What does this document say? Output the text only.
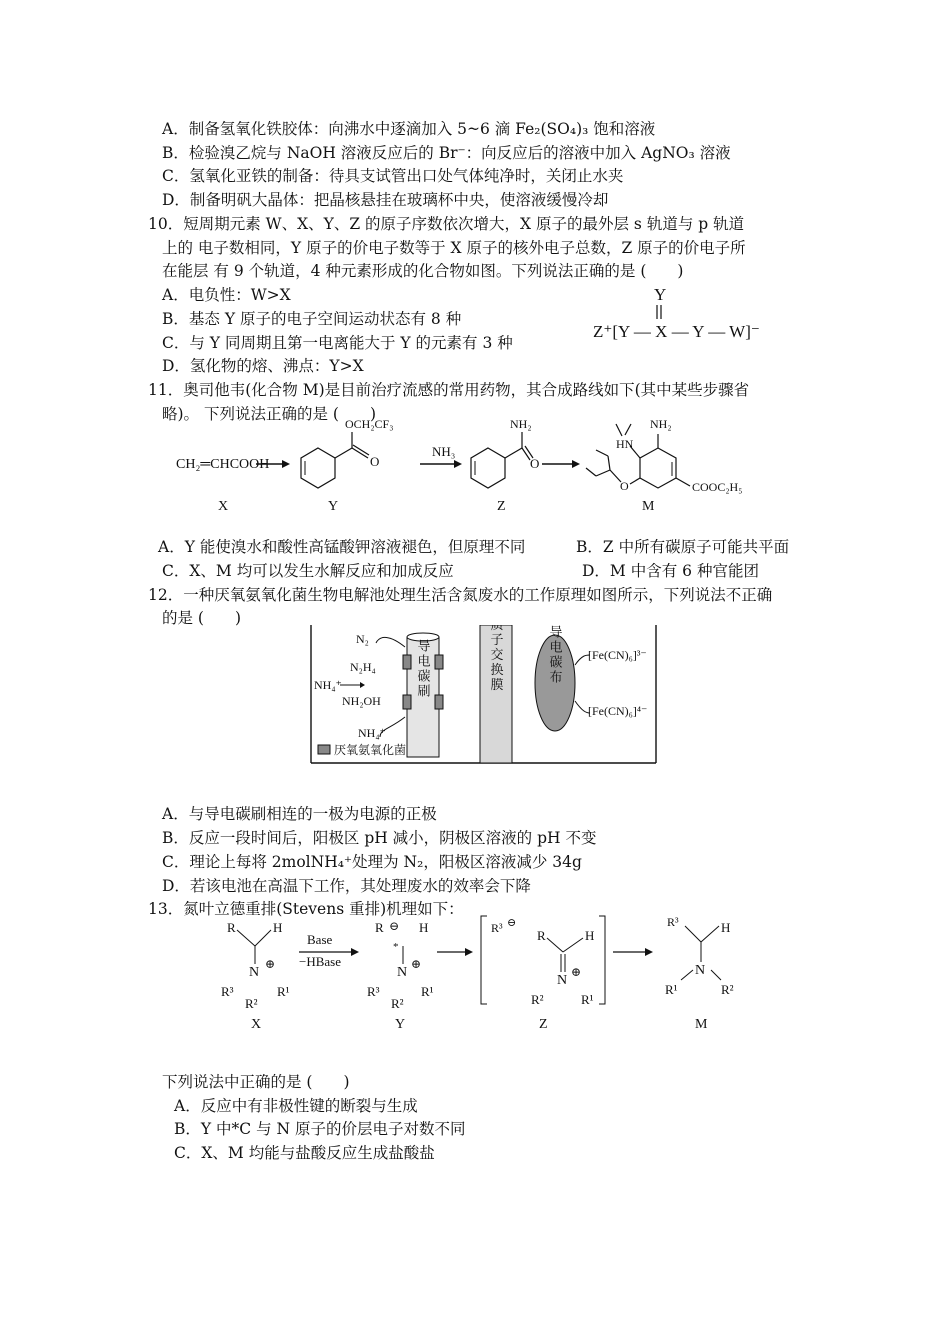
A．制备氢氧化铁胶体：向沸水中逐滴加入 5~6 滴 Fe₂(SO₄)₃ 饱和溶液
B．检验溴乙烷与 NaOH 溶液反应后的 Br⁻：向反应后的溶液中加入 AgNO₃ 溶液
C．氢氧化亚铁的制备：待具支试管出口处气体纯净时，关闭止水夹
D．制备明矾大晶体：把晶核悬挂在玻璃杯中央，使溶液缓慢冷却
10．短周期元素 W、X、Y、Z 的原子序数依次增大，X 原子的最外层 s 轨道与 p 轨道
上的 电子数相同，Y 原子的价电子数等于 X 原子的核外电子总数，Z 原子的价电子所
在能层 有 9 个轨道，4 种元素形成的化合物如图。下列说法正确的是 (　　)
A．电负性：W>X
B．基态 Y 原子的电子空间运动状态有 8 种
C．与 Y 同周期且第一电离能大于 Y 的元素有 3 种
D．氢化物的熔、沸点：Y>X
Y
Z⁺[Y — X — Y — W]⁻
11．奥司他韦(化合物 M)是目前治疗流感的常用药物，其合成路线如下(其中某些步骤省
略)。 下列说法正确的是 (　　)
CH₂═CHCOOH
X
O
OCH₂CF₃
Y
NH₃
O
NH₂
Z
HN
NH₂
O	COOC₂H₅
M
A．Y 能使溴水和酸性高锰酸钾溶液褪色，但原理不同	B．Z 中所有碳原子可能共平面
C．X、M 均可以发生水解反应和加成反应	D．M 中含有 6 种官能团
12．一种厌氧氨氧化菌生物电解池处理生活含氮废水的工作原理如图所示，下列说法不正确
的是 (　　)	质子交换膜
导电碳刷
N₂
N₂H₄
NH₄⁺
NH₂OH
NH₄⁺
导电碳布 [Fe(CN)₆]³⁻
[Fe(CN)₆]⁴⁻
厌氧氨氧化菌
A．与导电碳刷相连的一极为电源的正极
B．反应一段时间后，阳极区 pH 减小，阴极区溶液的 pH 不变
C．理论上每将 2molNH₄⁺处理为 N₂，阳极区溶液减少 34g
D．若该电池在高温下工作，其处理废水的效率会下降
13．氮叶立德重排(Stevens 重排)机理如下：
R	H
N
⊕
R³
R²
R¹
X
Base
−HBase
R ⊖ H
*
N
⊕
R³
R²
R¹
Y
R³ ⊖
R	H
N
⊕
R²	R¹
Z
R³	H
N
R¹	R²
M
下列说法中正确的是 (　　)
A．反应中有非极性键的断裂与生成
B．Y 中*C 与 N 原子的价层电子对数不同
C．X、M 均能与盐酸反应生成盐酸盐
